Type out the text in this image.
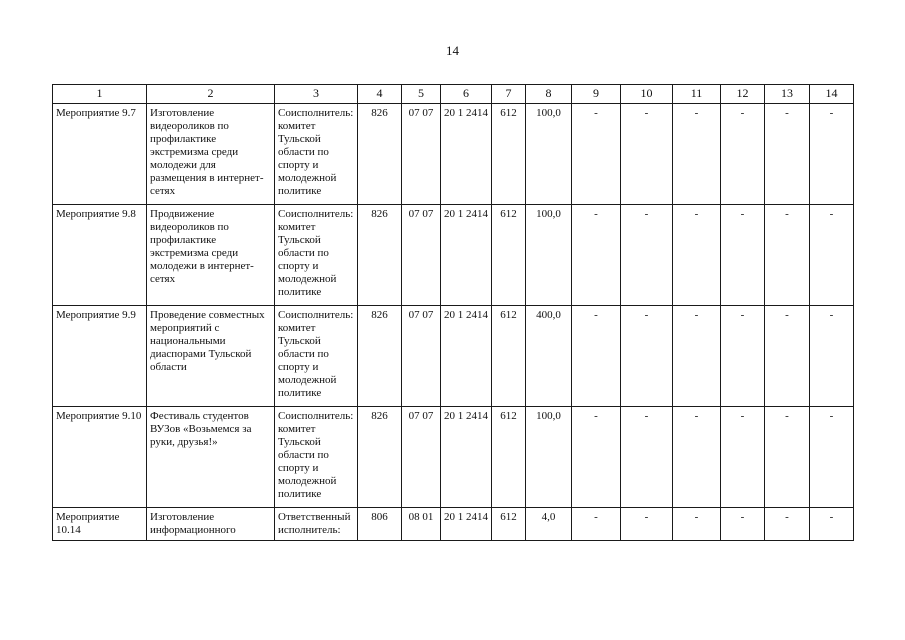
14
1	2	3	4	5	6	7	8	9	10	11	12	13	14
Мероприятие 9.7	Изготовление видеороликов по профилактике экстремизма среди молодежи для размещения в интернет-сетях	Соисполнитель: комитет Тульской области по спорту и молодежной политике	826	07 07	20 1 2414	612	100,0	-	-	-	-	-	-
Мероприятие 9.8	Продвижение видеороликов по профилактике экстремизма среди молодежи в интернет-сетях	Соисполнитель: комитет Тульской области по спорту и молодежной политике	826	07 07	20 1 2414	612	100,0	-	-	-	-	-	-
Мероприятие 9.9	Проведение совместных мероприятий с национальными диаспорами Тульской области	Соисполнитель: комитет Тульской области по спорту и молодежной политике	826	07 07	20 1 2414	612	400,0	-	-	-	-	-	-
Мероприятие 9.10	Фестиваль студентов ВУЗов «Возьмемся за руки, друзья!»	Соисполнитель: комитет Тульской области по спорту и молодежной политике	826	07 07	20 1 2414	612	100,0	-	-	-	-	-	-
Мероприятие 10.14	Изготовление информационного	Ответственный исполнитель:	806	08 01	20 1 2414	612	4,0	-	-	-	-	-	-
